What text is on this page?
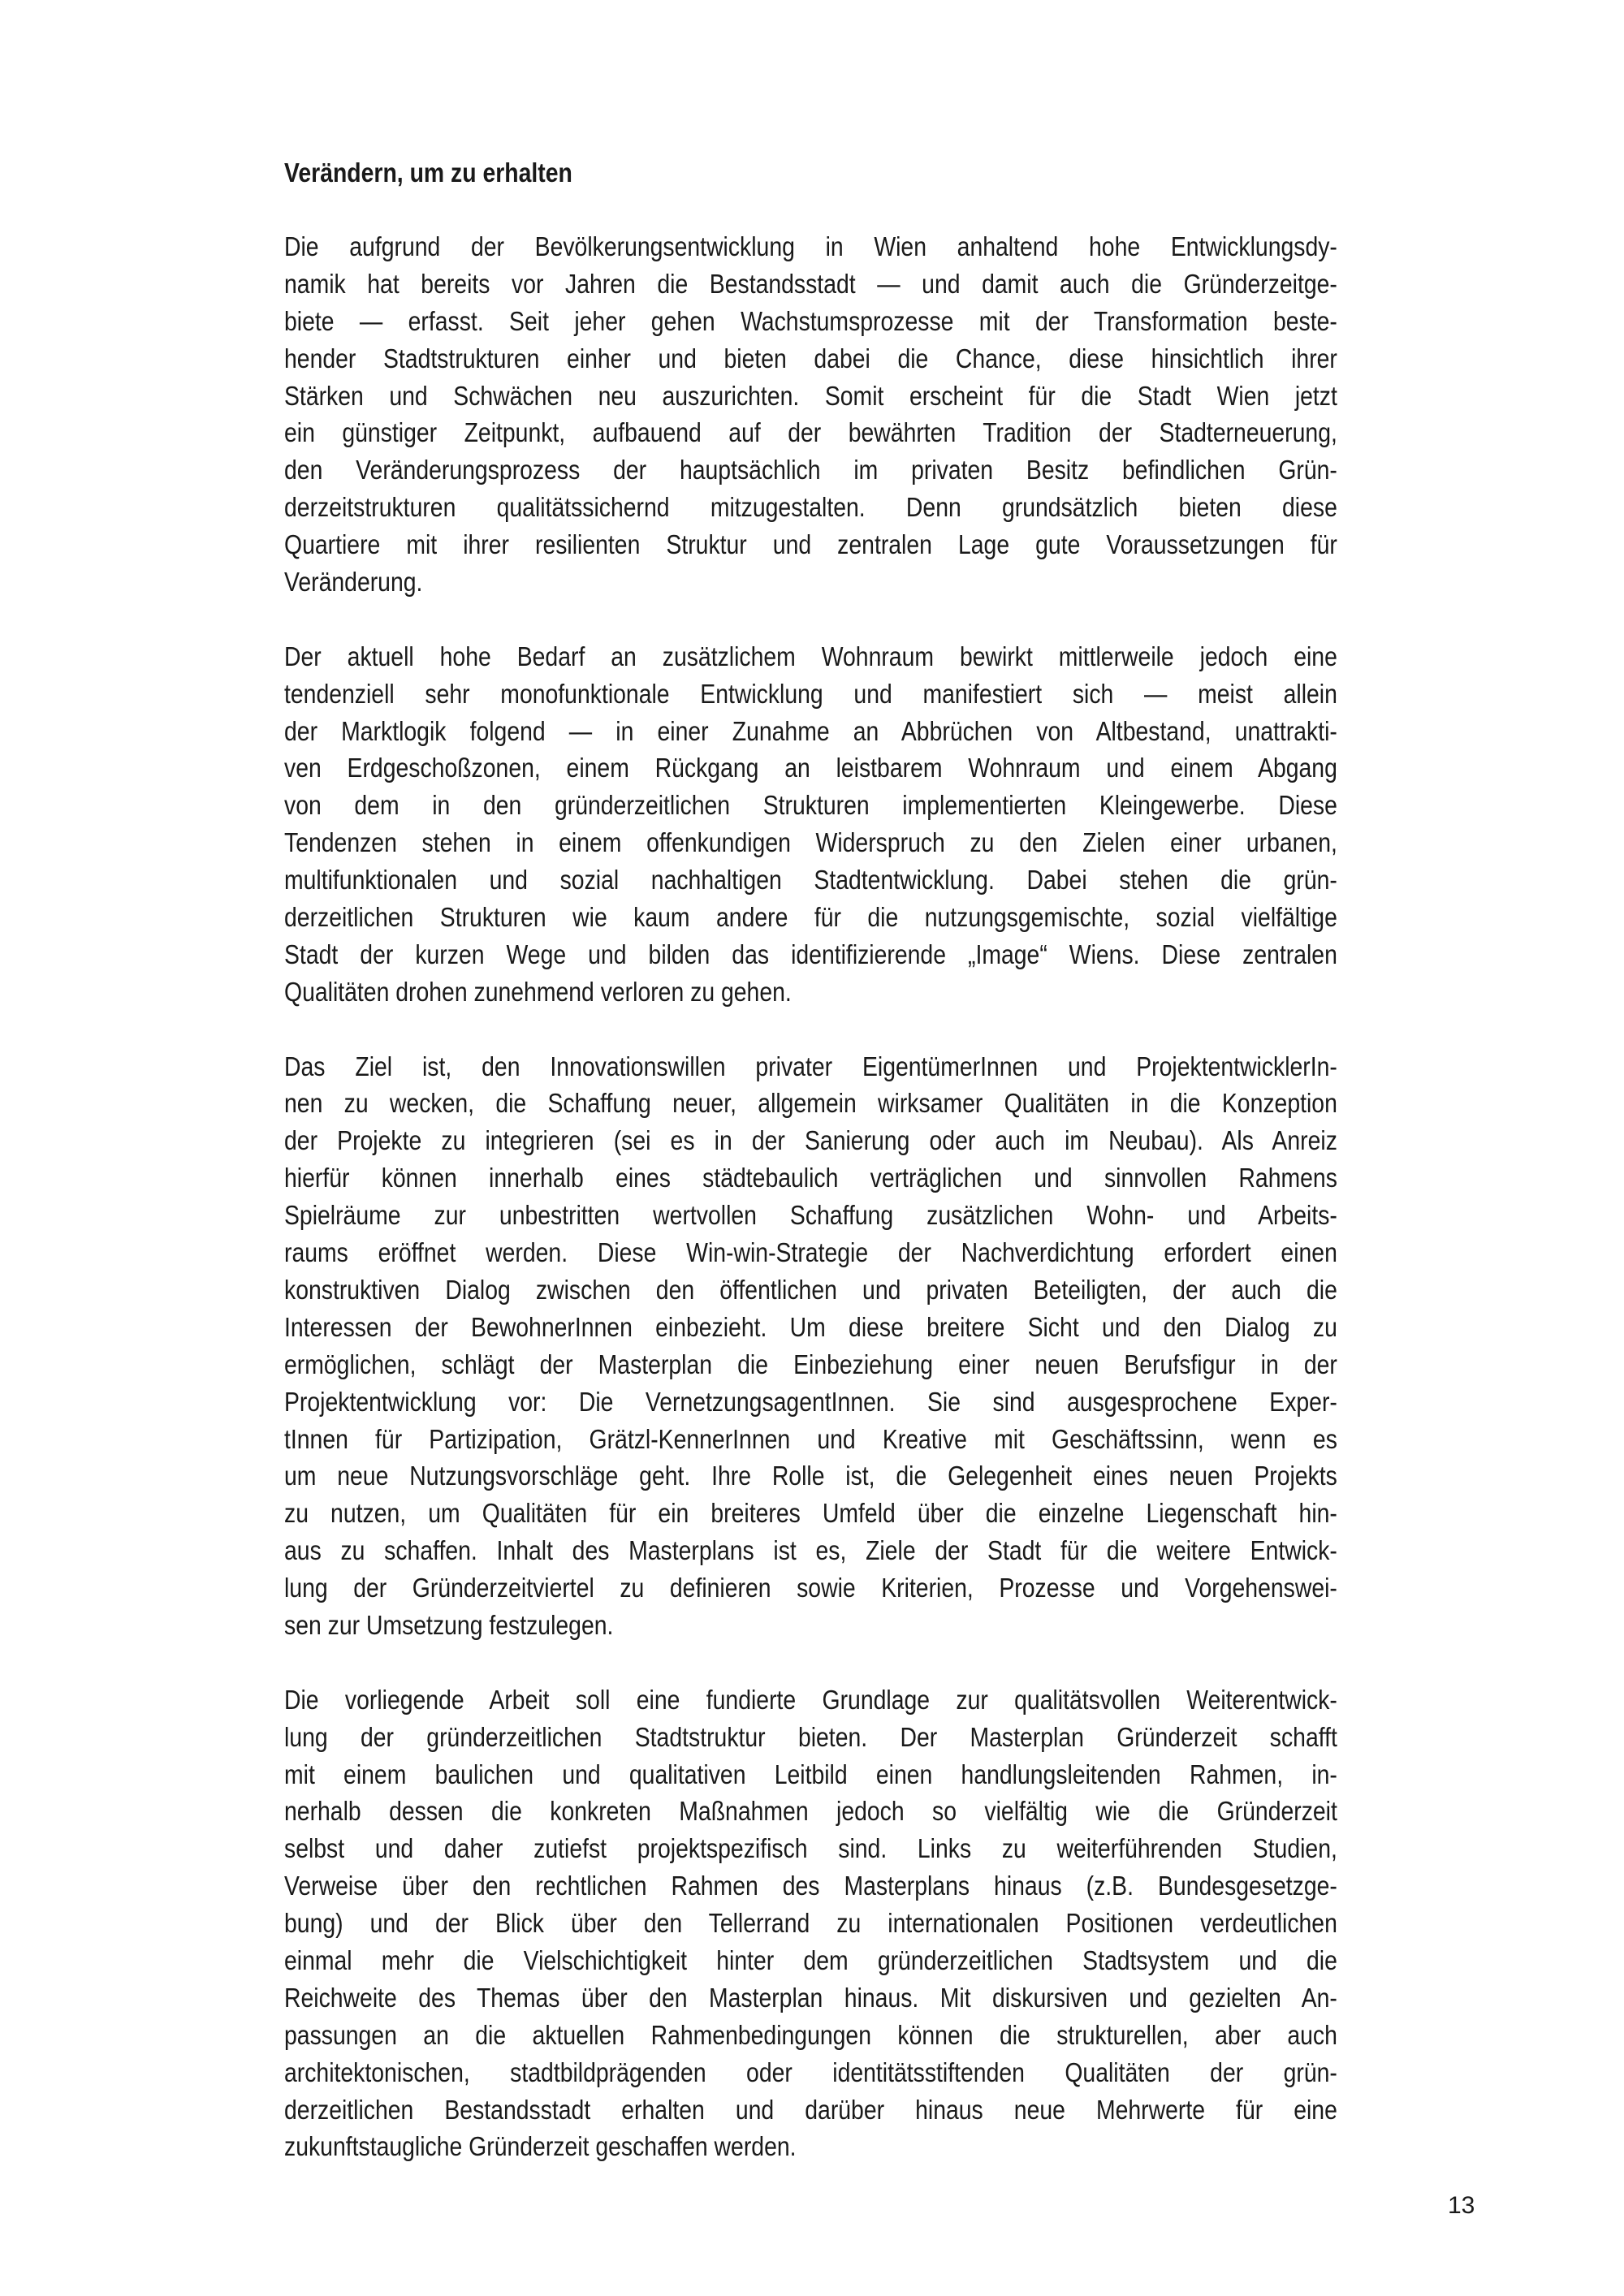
Verändern, um zu erhalten
Die aufgrund der Bevölkerungsentwicklung in Wien anhaltend hohe Entwicklungsdy-
namik hat bereits vor Jahren die Bestandsstadt — und damit auch die Gründerzeitge-
biete — erfasst. Seit jeher gehen Wachstumsprozesse mit der Transformation beste-
hender Stadtstrukturen einher und bieten dabei die Chance, diese hinsichtlich ihrer
Stärken und Schwächen neu auszurichten. Somit erscheint für die Stadt Wien jetzt
ein günstiger Zeitpunkt, aufbauend auf der bewährten Tradition der Stadterneuerung,
den Veränderungsprozess der hauptsächlich im privaten Besitz befindlichen Grün-
derzeitstrukturen qualitätssichernd mitzugestalten. Denn grundsätzlich bieten diese
Quartiere mit ihrer resilienten Struktur und zentralen Lage gute Voraussetzungen für
Veränderung.
Der aktuell hohe Bedarf an zusätzlichem Wohnraum bewirkt mittlerweile jedoch eine
tendenziell sehr monofunktionale Entwicklung und manifestiert sich — meist allein
der Marktlogik folgend — in einer Zunahme an Abbrüchen von Altbestand, unattrakti-
ven Erdgeschoßzonen, einem Rückgang an leistbarem Wohnraum und einem Abgang
von dem in den gründerzeitlichen Strukturen implementierten Kleingewerbe. Diese
Tendenzen stehen in einem offenkundigen Widerspruch zu den Zielen einer urbanen,
multifunktionalen und sozial nachhaltigen Stadtentwicklung. Dabei stehen die grün-
derzeitlichen Strukturen wie kaum andere für die nutzungsgemischte, sozial vielfältige
Stadt der kurzen Wege und bilden das identifizierende „Image“ Wiens. Diese zentralen
Qualitäten drohen zunehmend verloren zu gehen.
Das Ziel ist, den Innovationswillen privater EigentümerInnen und ProjektentwicklerIn-
nen zu wecken, die Schaffung neuer, allgemein wirksamer Qualitäten in die Konzeption
der Projekte zu integrieren (sei es in der Sanierung oder auch im Neubau). Als Anreiz
hierfür können innerhalb eines städtebaulich verträglichen und sinnvollen Rahmens
Spielräume zur unbestritten wertvollen Schaffung zusätzlichen Wohn- und Arbeits-
raums eröffnet werden. Diese Win-win-Strategie der Nachverdichtung erfordert einen
konstruktiven Dialog zwischen den öffentlichen und privaten Beteiligten, der auch die
Interessen der BewohnerInnen einbezieht. Um diese breitere Sicht und den Dialog zu
ermöglichen, schlägt der Masterplan die Einbeziehung einer neuen Berufsfigur in der
Projektentwicklung vor: Die VernetzungsagentInnen. Sie sind ausgesprochene Exper-
tInnen für Partizipation, Grätzl-KennerInnen und Kreative mit Geschäftssinn, wenn es
um neue Nutzungsvorschläge geht. Ihre Rolle ist, die Gelegenheit eines neuen Projekts
zu nutzen, um Qualitäten für ein breiteres Umfeld über die einzelne Liegenschaft hin-
aus zu schaffen. Inhalt des Masterplans ist es, Ziele der Stadt für die weitere Entwick-
lung der Gründerzeitviertel zu definieren sowie Kriterien, Prozesse und Vorgehenswei-
sen zur Umsetzung festzulegen.
Die vorliegende Arbeit soll eine fundierte Grundlage zur qualitätsvollen Weiterentwick-
lung der gründerzeitlichen Stadtstruktur bieten. Der Masterplan Gründerzeit schafft
mit einem baulichen und qualitativen Leitbild einen handlungsleitenden Rahmen, in-
nerhalb dessen die konkreten Maßnahmen jedoch so vielfältig wie die Gründerzeit
selbst und daher zutiefst projektspezifisch sind. Links zu weiterführenden Studien,
Verweise über den rechtlichen Rahmen des Masterplans hinaus (z.B. Bundesgesetzge-
bung) und der Blick über den Tellerrand zu internationalen Positionen verdeutlichen
einmal mehr die Vielschichtigkeit hinter dem gründerzeitlichen Stadtsystem und die
Reichweite des Themas über den Masterplan hinaus. Mit diskursiven und gezielten An-
passungen an die aktuellen Rahmenbedingungen können die strukturellen, aber auch
architektonischen, stadtbildprägenden oder identitätsstiftenden Qualitäten der grün-
derzeitlichen Bestandsstadt erhalten und darüber hinaus neue Mehrwerte für eine
zukunftstaugliche Gründerzeit geschaffen werden.
13
